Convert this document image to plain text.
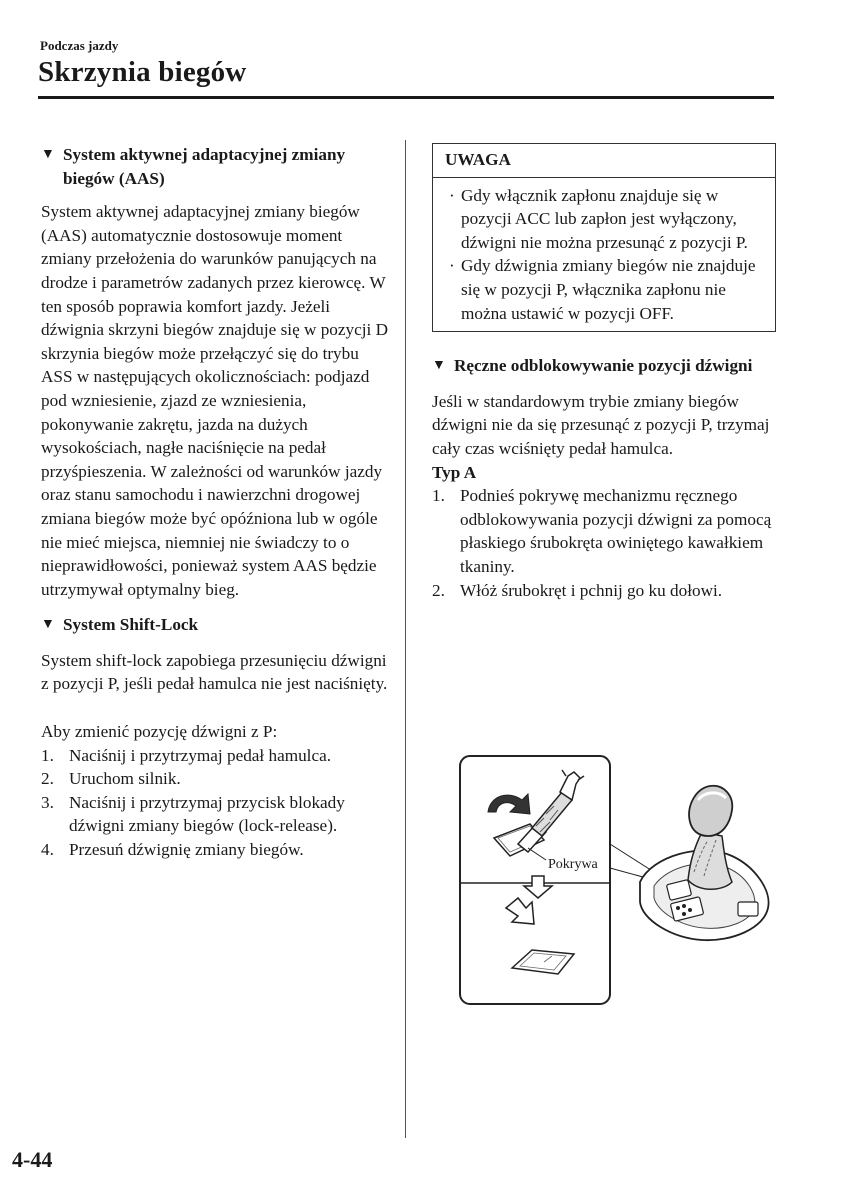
Podczas jazdy
Skrzynia biegów
▼ System aktywnej adaptacyjnej zmiany biegów (AAS)

System aktywnej adaptacyjnej zmiany biegów (AAS) automatycznie dostosowuje moment zmiany przełożenia do warunków panujących na drodze i parametrów zadanych przez kierowcę. W ten sposób poprawia komfort jazdy. Jeżeli dźwignia skrzyni biegów znajduje się w pozycji D skrzynia biegów może przełączyć się do trybu ASS w następujących okolicznościach: podjazd pod wzniesienie, zjazd ze wzniesienia, pokonywanie zakrętu, jazda na dużych wysokościach, nagłe naciśnięcie na pedał przyśpieszenia. W zależności od warunków jazdy oraz stanu samochodu i nawierzchni drogowej zmiana biegów może być opóźniona lub w ogóle nie mieć miejsca, niemniej nie świadczy to o nieprawidłowości, ponieważ system AAS będzie utrzymywał optymalny bieg.

▼ System Shift-Lock

System shift-lock zapobiega przesunięciu dźwigni z pozycji P, jeśli pedał hamulca nie jest naciśnięty.

Aby zmienić pozycję dźwigni z P:

1. Naciśnij i przytrzymaj pedał hamulca.
2. Uruchom silnik.
3. Naciśnij i przytrzymaj przycisk blokady dźwigni zmiany biegów (lock-release).
4. Przesuń dźwignię zmiany biegów.
UWAGA
· Gdy włącznik zapłonu znajduje się w pozycji ACC lub zapłon jest wyłączony, dźwigni nie można przesunąć z pozycji P.
· Gdy dźwignia zmiany biegów nie znajduje się w pozycji P, włącznika zapłonu nie można ustawić w pozycji OFF.
▼ Ręczne odblokowywanie pozycji dźwigni

Jeśli w standardowym trybie zmiany biegów dźwigni nie da się przesunąć z pozycji P, trzymaj cały czas wciśnięty pedał hamulca.

Typ A

1. Podnieś pokrywę mechanizmu ręcznego odblokowywania pozycji dźwigni za pomocą płaskiego śrubokręta owiniętego kawałkiem tkaniny.
2. Włóż śrubokręt i pchnij go ku dołowi.
Pokrywa
4-44
